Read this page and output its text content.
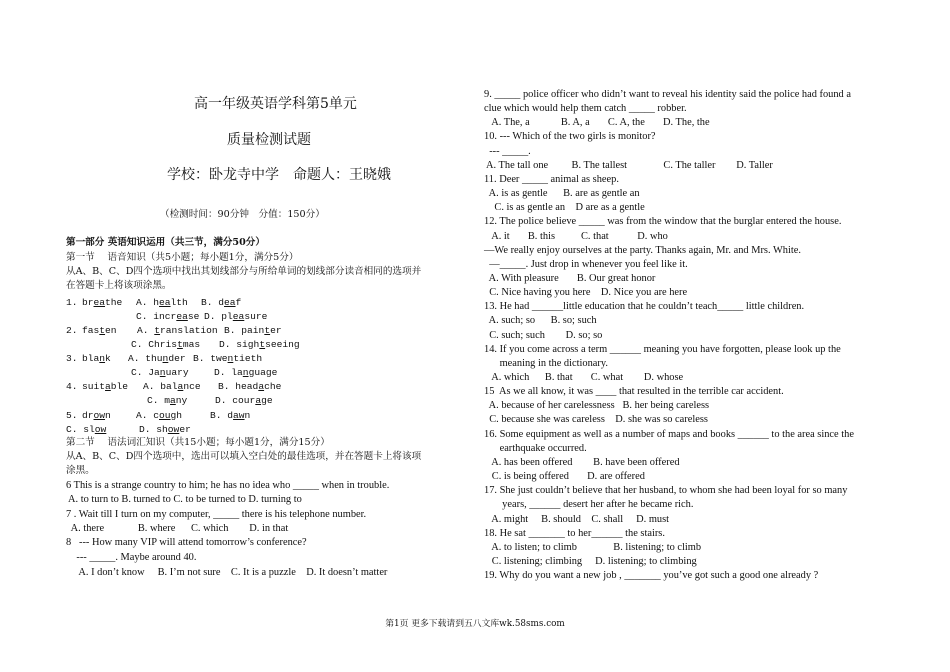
高一年级英语学科第5单元
质量检测试题
学校：卧龙寺中学　命题人：王晓娥
（检测时间：90分钟　分值：150分）
第一部分 英语知识运用（共三节，满分50分）
第一节　 语音知识（共5小题；每小题1分，满分5分）
从A、B、C、D四个选项中找出其划线部分与所给单词的划线部分读音相同的选项并
在答题卡上将该项涂黑。
1. breathe A. health B. deaf
C. increase D. pleasure
2. fasten A. translation B. painter
C. Christmas D. sightseeing
3. blank A. thunder B. twentieth
C. January	D. language
4. suitable A. balance B. headache
C. many	D. courage
5. drown	A. cough	B. dawn
C. slow	D. shower
第二节　 语法词汇知识（共15小题；每小题1分，满分15分）
从A、B、C、D四个选项中，选出可以填入空白处的最佳选项，并在答题卡上将该项
涂黑。
6 This is a strange country to him; he has no idea who _____ when in trouble.
A. to turn to B. turned to C. to be turned to D. turning to
7 . Wait till I turn on my computer, _____ there is his telephone number.
A. there             B. where      C. which        D. in that
8   --- How many VIP will attend tomorrow’s conference?
--- _____. Maybe around 40.
A. I don’t know     B. I’m not sure    C. It is a puzzle    D. It doesn’t matter
9. _____ police officer who didn’t want to reveal his identity said the police had found a
clue which would help them catch _____ robber.
A. The, a            B. A, a       C. A, the       D. The, the
10. --- Which of the two girls is monitor?
--- _____.
A. The tall one         B. The tallest              C. The taller        D. Taller
11. Deer _____ animal as sheep.
A. is as gentle      B. are as gentle an
C. is as gentle an    D are as a gentle
12. The police believe _____ was from the window that the burglar entered the house.
A. it       B. this          C. that           D. who
—We really enjoy ourselves at the party. Thanks again, Mr. and Mrs. White.
—_____. Just drop in whenever you feel like it.
A. With pleasure       B. Our great honor
C. Nice having you here    D. Nice you are here
13. He had ______little education that he couldn’t teach_____ little children.
A. such; so      B. so; such
C. such; such        D. so; so
14. If you come across a term ______ meaning you have forgotten, please look up the
meaning in the dictionary.
A. which      B. that       C. what        D. whose
15  As we all know, it was ____ that resulted in the terrible car accident.
A. because of her carelessness   B. her being careless
C. because she was careless    D. she was so careless
16. Some equipment as well as a number of maps and books ______ to the area since the
earthquake occurred.
A. has been offered        B. have been offered
C. is being offered       D. are offered
17. She just couldn’t believe that her husband, to whom she had been loyal for so many
years, ______ desert her after he became rich.
A. might     B. should    C. shall     D. must
18. He sat _______ to her______ the stairs.
A. to listen; to climb              B. listening; to climb
C. listening; climbing     D. listening; to climbing
19. Why do you want a new job , _______ you’ve got such a good one already ?
第1页 更多下载请到五八文库wk.58sms.com
